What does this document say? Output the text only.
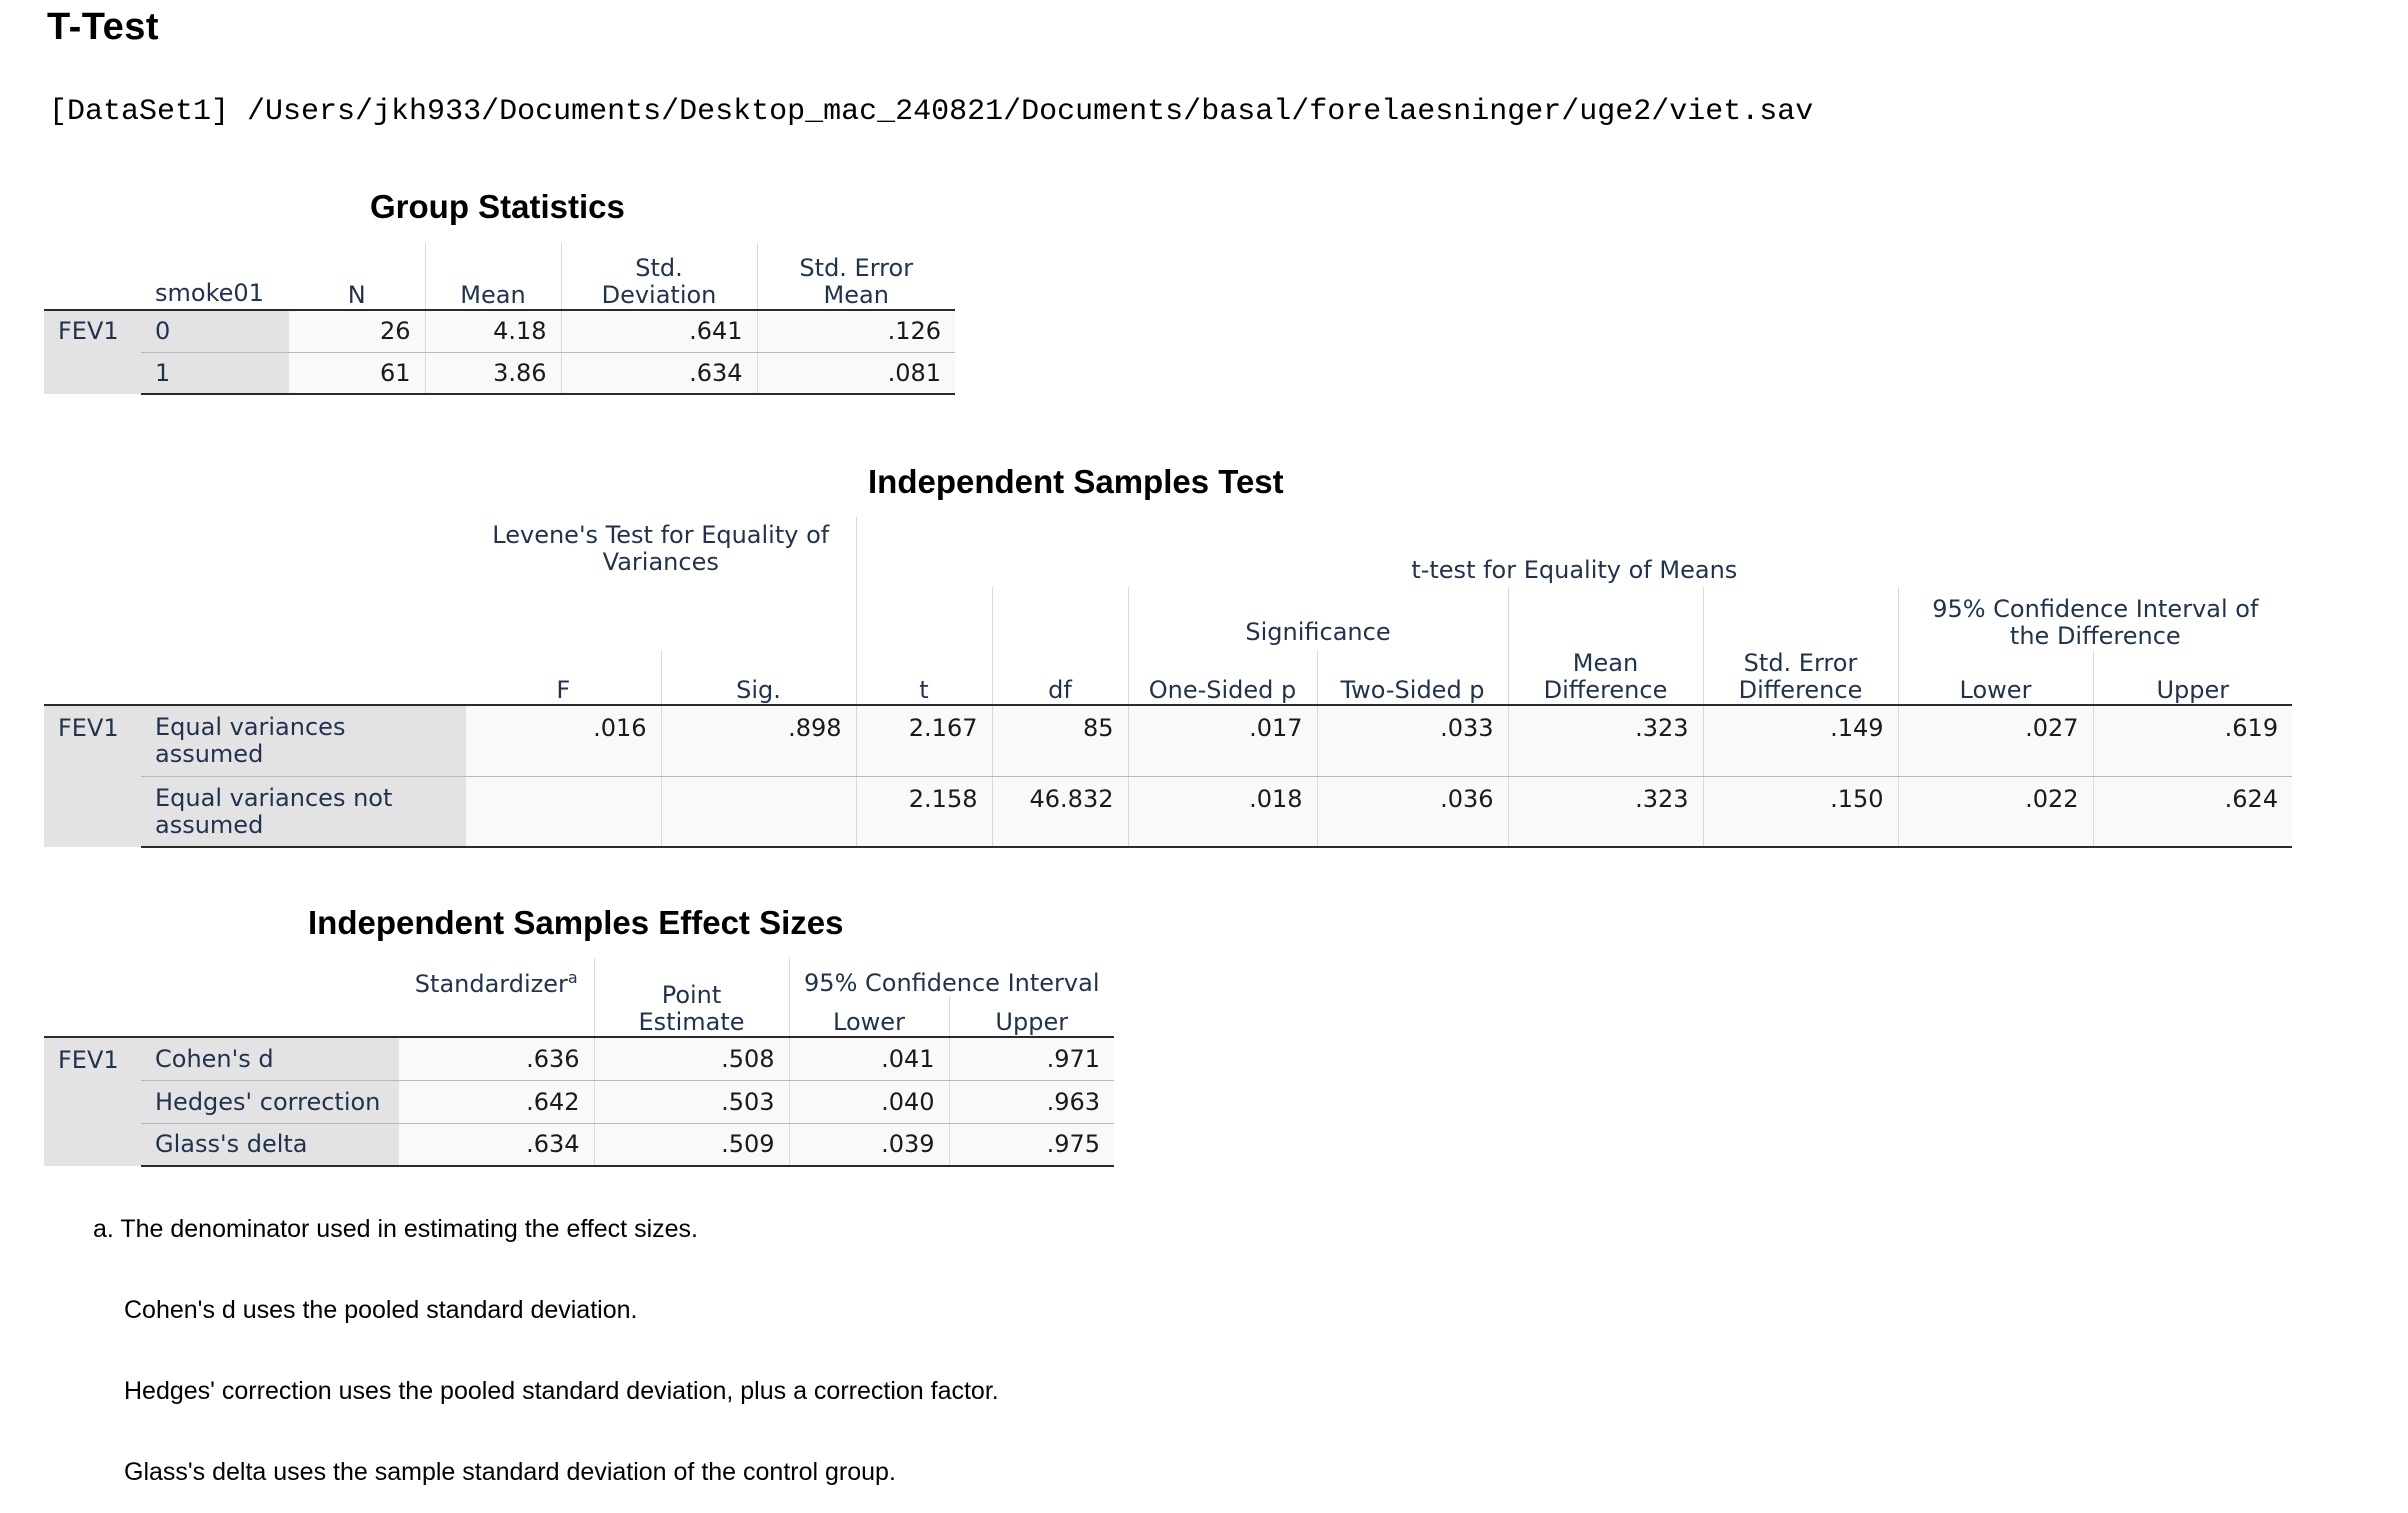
T-Test
[DataSet1] /Users/jkh933/Documents/Desktop_mac_240821/Documents/basal/forelaesninger/uge2/viet.sav
Group Statistics
	smoke01	N	Mean	Std. Deviation	Std. Error Mean
FEV1	0	26	4.18	.641	.126
	1	61	3.86	.634	.081
Independent Samples Test
		Levene's Test for Equality of Variances		t-test for Equality of Means							
						Significance				95% Confidence Interval of the Difference	
		F	Sig.	t	df	One-Sided p	Two-Sided p	Mean Difference	Std. Error Difference	Lower	Upper
FEV1	Equal variances assumed	.016	.898	2.167	85	.017	.033	.323	.149	.027	.619
	Equal variances not assumed			2.158	46.832	.018	.036	.323	.150	.022	.624
Independent Samples Effect Sizes
		Standardizer$^a$	Point Estimate	95% Confidence Interval	
				Lower	Upper
FEV1	Cohen's d	.636	.508	.041	.971
	Hedges' correction	.642	.503	.040	.963
	Glass's delta	.634	.509	.039	.975

a. The denominator used in estimating the effect sizes.

Cohen's d uses the pooled standard deviation.

Hedges' correction uses the pooled standard deviation, plus a correction factor.

Glass's delta uses the sample standard deviation of the control group.
